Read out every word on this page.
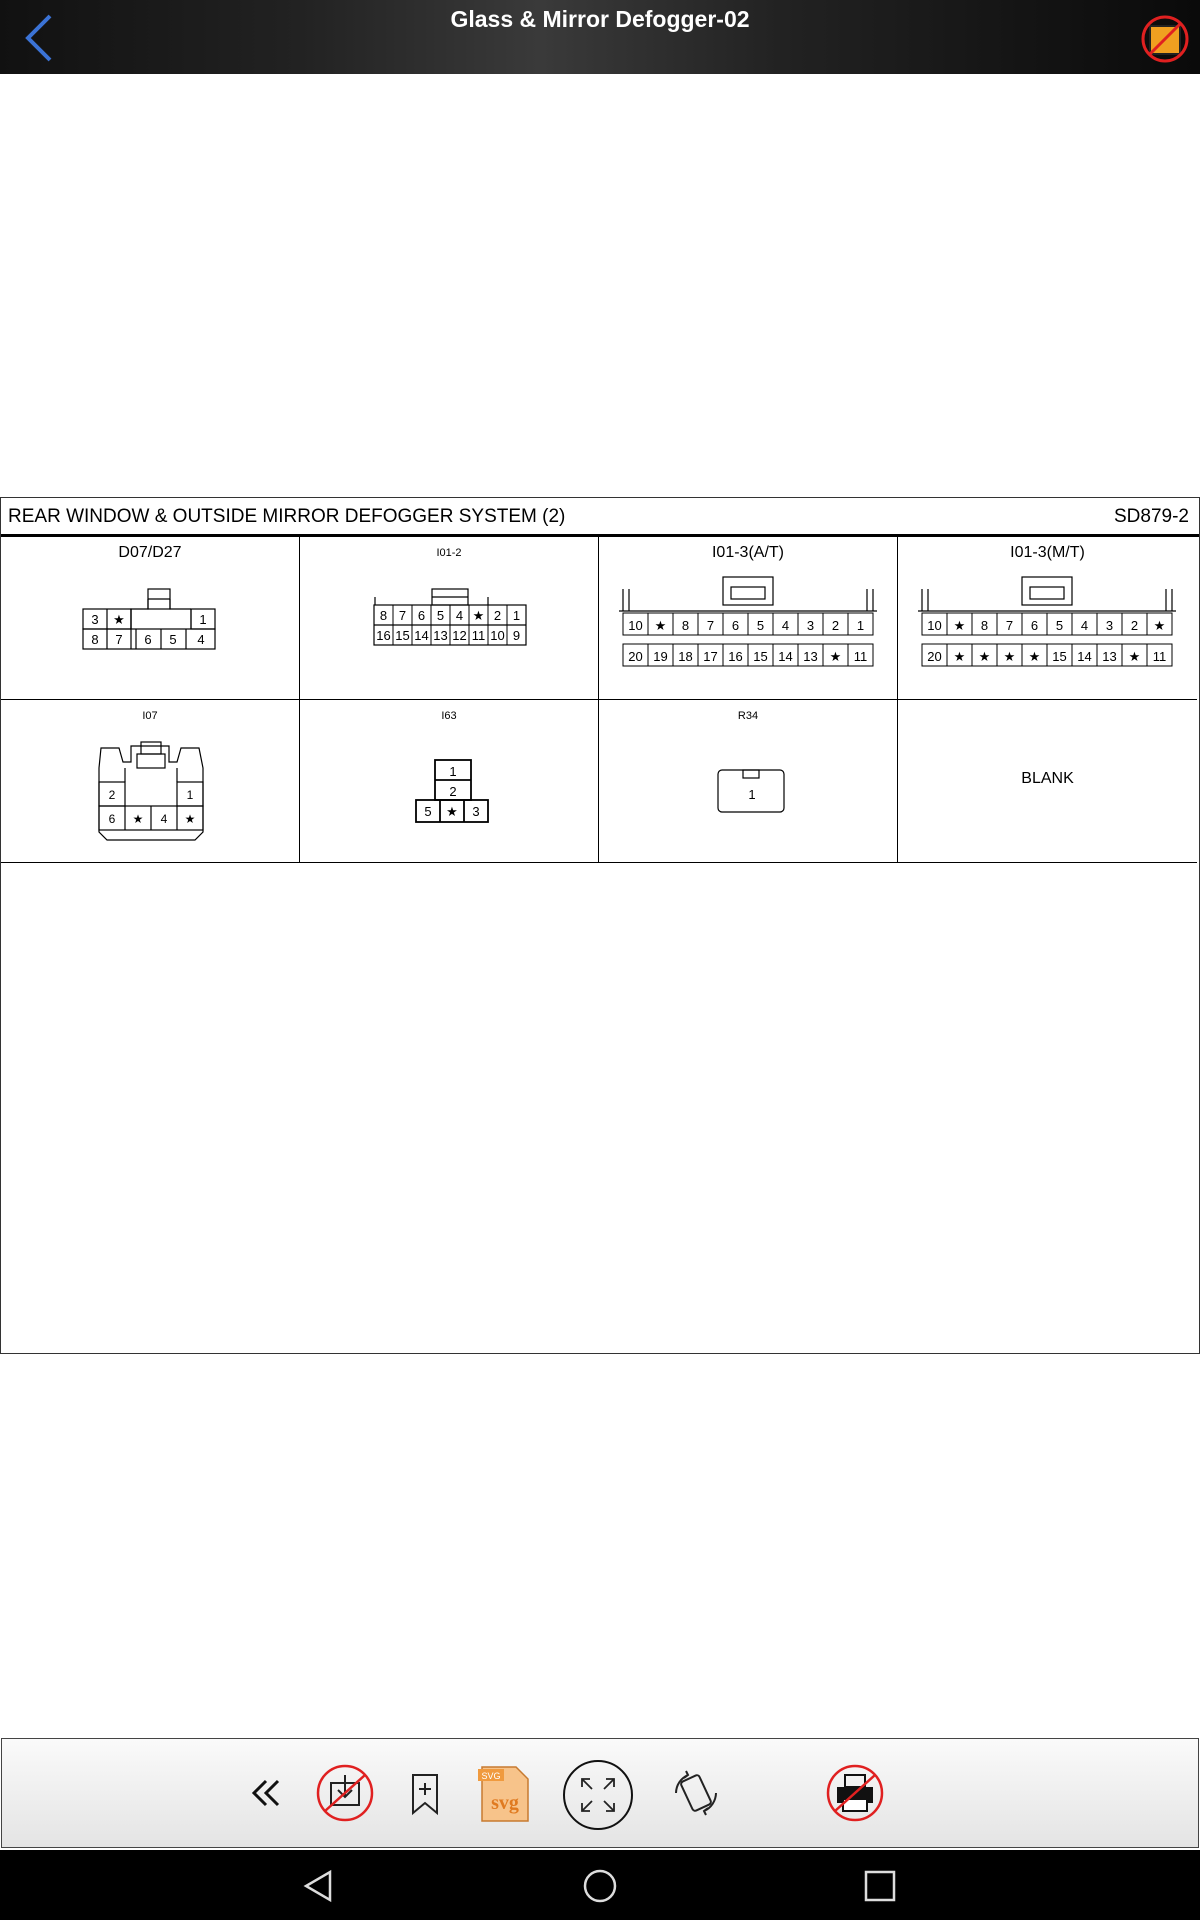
Glass & Mirror Defogger-02
REAR WINDOW & OUTSIDE MIRROR DEFOGGER SYSTEM (2)	SD879-2
D07/D27
3 ★	1
8 7 6 5 4
I01-2
8 7 6 5 4 ★ 2 1
16 15 14 13 12 11 10 9
I01-3(A/T)
10 ★ 8 7 6 5 4 3 2 1
20 19 18 17 16 15 14 13 ★ 11
I01-3(M/T)
10 ★ 8 7 6 5 4 3 2 ★
20 ★ ★ ★ ★ 15 14 13 ★ 11
I07
2	1
6 ★ 4 ★
I63
1
2
5 ★ 3
R34
1
BLANK
SVG
svg
